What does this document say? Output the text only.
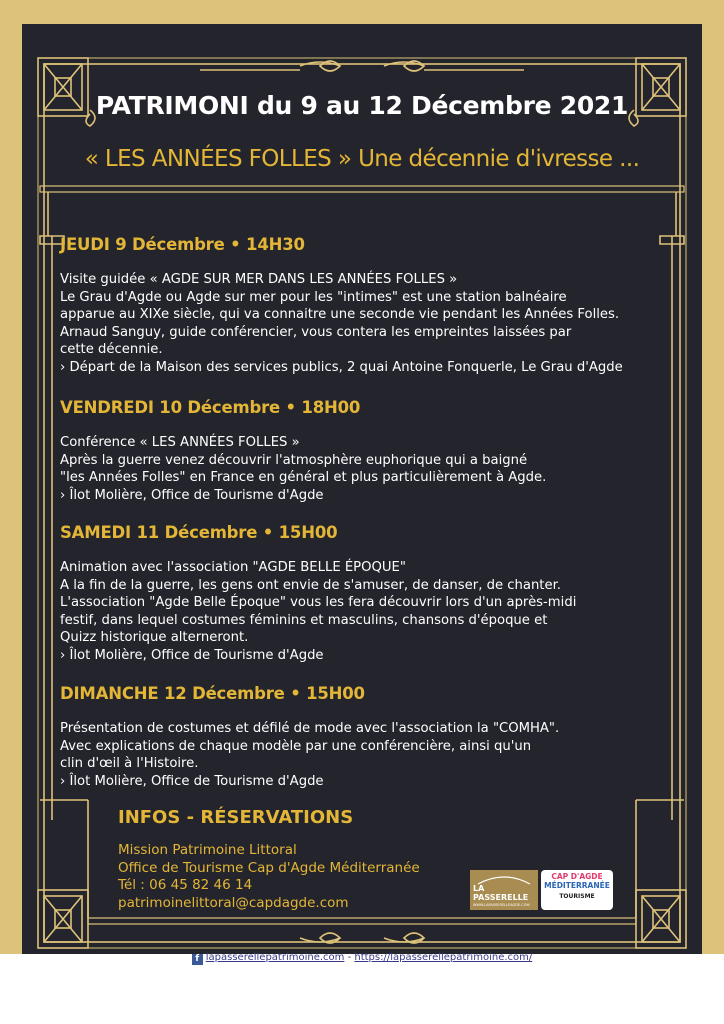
PATRIMONI du 9 au 12 Décembre 2021
« LES ANNÉES FOLLES » Une décennie d'ivresse ...
JEUDI 9 Décembre • 14H30
Visite guidée « AGDE SUR MER DANS LES ANNÉES FOLLES »
Le Grau d'Agde ou Agde sur mer pour les "intimes" est une station balnéaire
apparue au XIXe siècle, qui va connaitre une seconde vie pendant les Années Folles.
Arnaud Sanguy, guide conférencier, vous contera les empreintes laissées par
cette décennie.
› Départ de la Maison des services publics, 2 quai Antoine Fonquerle, Le Grau d'Agde
VENDREDI 10 Décembre • 18H00
Conférence « LES ANNÉES FOLLES »
Après la guerre venez découvrir l'atmosphère euphorique qui a baigné
"les Années Folles" en France en général et plus particulièrement à Agde.
› Îlot Molière, Office de Tourisme d'Agde
SAMEDI 11 Décembre • 15H00
Animation avec l'association "AGDE BELLE ÉPOQUE"
A la fin de la guerre, les gens ont envie de s'amuser, de danser, de chanter.
L'association "Agde Belle Époque" vous les fera découvrir lors d'un après-midi
festif, dans lequel costumes féminins et masculins, chansons d'époque et
Quizz historique alterneront.
› Îlot Molière, Office de Tourisme d'Agde
DIMANCHE 12 Décembre • 15H00
Présentation de costumes et défilé de mode avec l'association la "COMHA".
Avec explications de chaque modèle par une conférencière, ainsi qu'un
clin d'œil à l'Histoire.
› Îlot Molière, Office de Tourisme d'Agde
INFOS - RÉSERVATIONS
Mission Patrimoine Littoral
Office de Tourisme Cap d'Agde Méditerranée
Tél : 06 45 82 46 14
patrimoinelittoral@capdagde.com
LA
PASSERELLE
WWW.LAPASSERELLEAGDE.COM
CAP D'AGDE
MÉDITERRANÉE
TOURISME
f lapasserellepatrimoine.com - https://lapasserellepatrimoine.com/
